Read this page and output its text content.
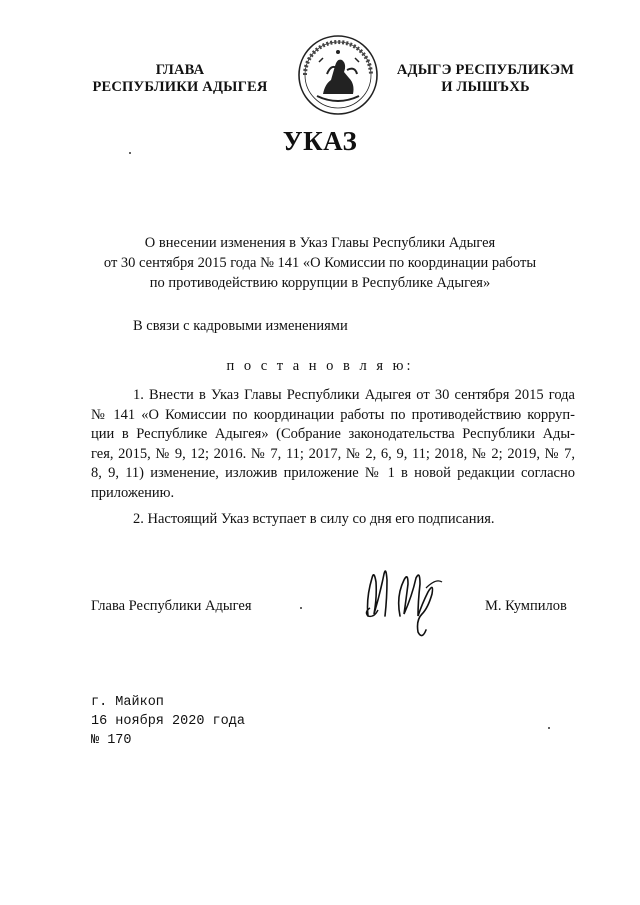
ГЛАВА
РЕСПУБЛИКИ АДЫГЕЯ
АДЫГЭ РЕСПУБЛИКЭМ
И ЛЫШЪХЬ
УКАЗ
О внесении изменения в Указ Главы Республики Адыгея
от 30 сентября 2015 года № 141 «О Комиссии по координации работы
по противодействию коррупции в Республике Адыгея»
В связи с кадровыми изменениями
п о с т а н о в л я ю:
1. Внести в Указ Главы Республики Адыгея от 30 сентября 2015 года
№ 141 «О Комиссии по координации работы по противодействию корруп-
ции в Республике Адыгея» (Собрание законодательства Республики Ады-
гея, 2015, № 9, 12; 2016. № 7, 11; 2017, № 2, 6, 9, 11; 2018, № 2; 2019, № 7,
8, 9, 11) изменение, изложив приложение № 1 в новой редакции согласно
приложению.
2. Настоящий Указ вступает в силу со дня его подписания.
Глава Республики Адыгея	М. Кумпилов
г. Майкоп
16 ноября 2020 года
№ 170
